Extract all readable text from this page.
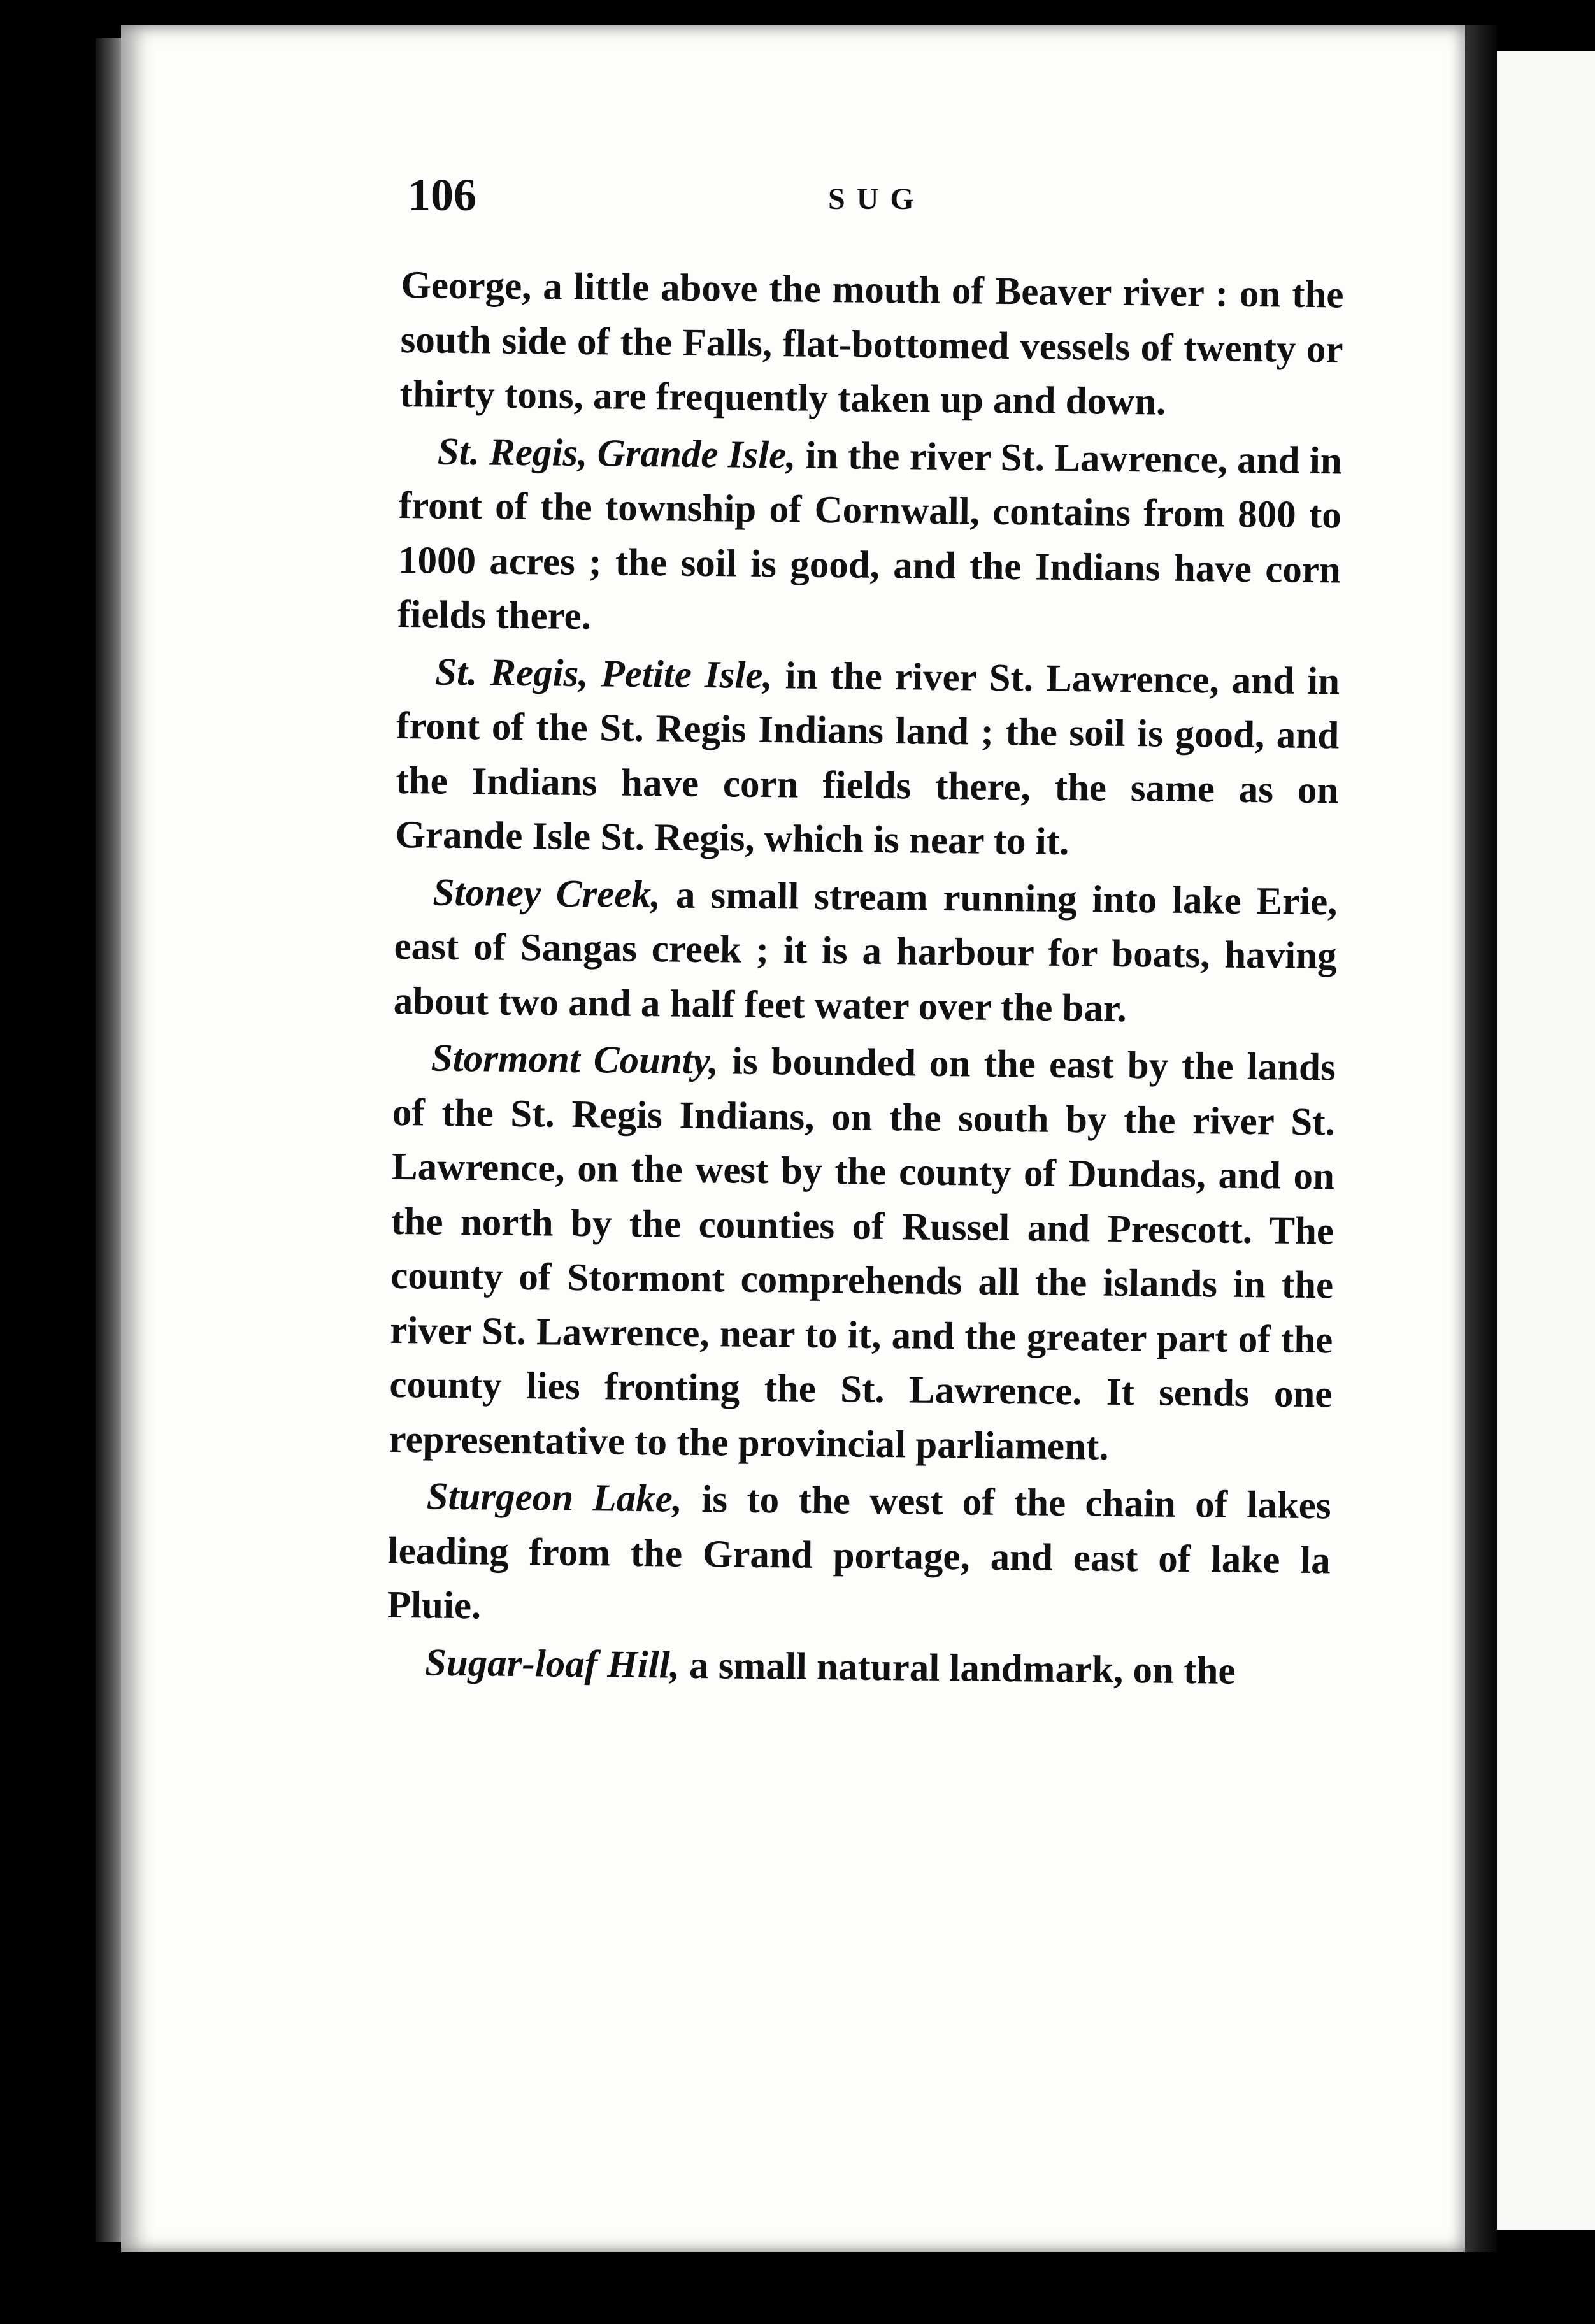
106	SUG

George, a little above the mouth of Beaver river : on the south side of the Falls, flat-bottomed vessels of twenty or thirty tons, are frequently taken up and down.

St. Regis, Grande Isle, in the river St. Lawrence, and in front of the township of Cornwall, contains from 800 to 1000 acres ; the soil is good, and the Indians have corn fields there.

St. Regis, Petite Isle, in the river St. Lawrence, and in front of the St. Regis Indians land ; the soil is good, and the Indians have corn fields there, the same as on Grande Isle St. Regis, which is near to it.

Stoney Creek, a small stream running into lake Erie, east of Sangas creek ; it is a harbour for boats, having about two and a half feet water over the bar.

Stormont County, is bounded on the east by the lands of the St. Regis Indians, on the south by the river St. Lawrence, on the west by the county of Dundas, and on the north by the counties of Russel and Prescott. The county of Stormont comprehends all the islands in the river St. Lawrence, near to it, and the greater part of the county lies fronting the St. Lawrence. It sends one representative to the provincial parliament.

Sturgeon Lake, is to the west of the chain of lakes leading from the Grand portage, and east of lake la Pluie.

Sugar-loaf Hill, a small natural landmark, on the
